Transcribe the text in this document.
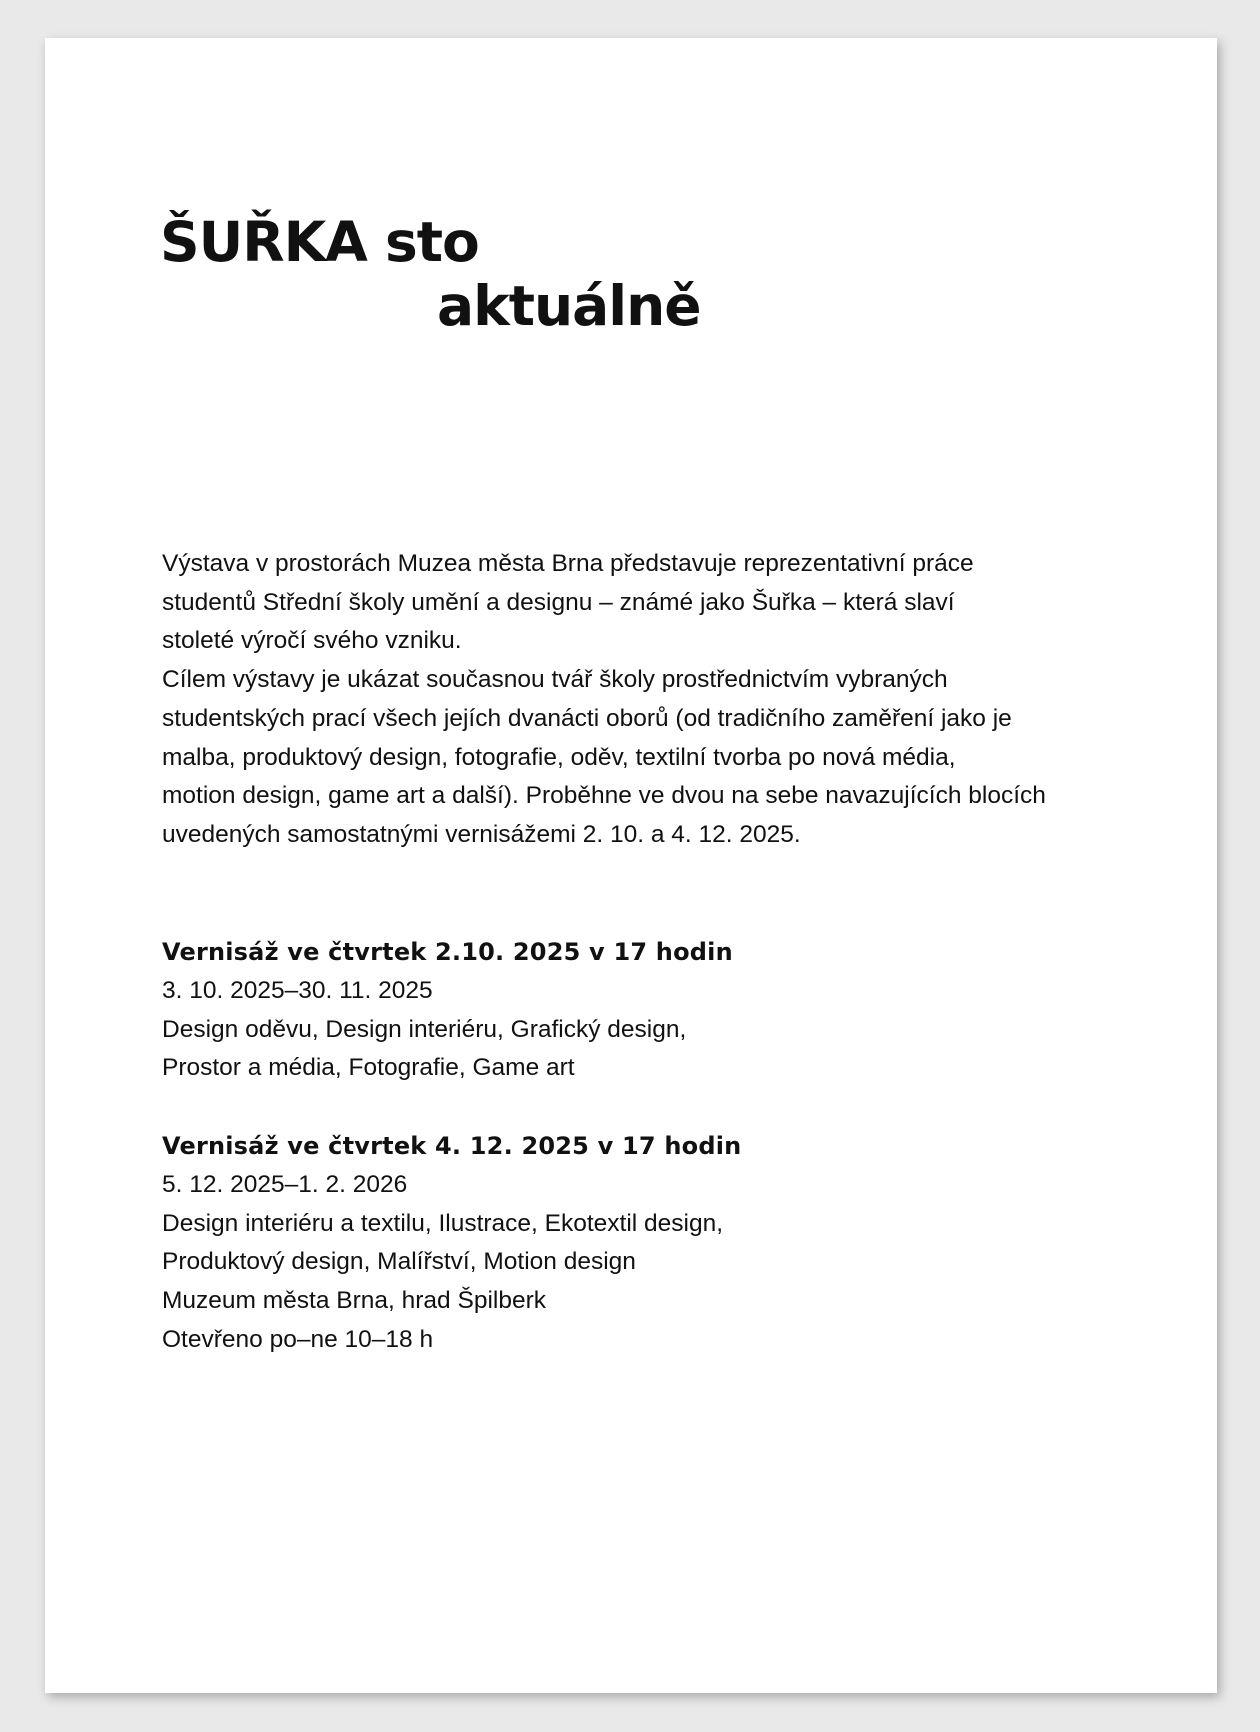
ŠUŘKA sto
aktuálně

Výstava v prostorách Muzea města Brna představuje reprezentativní práce
studentů Střední školy umění a designu – známé jako Šuřka – která slaví
stoleté výročí svého vzniku.
Cílem výstavy je ukázat současnou tvář školy prostřednictvím vybraných
studentských prací všech jejích dvanácti oborů (od tradičního zaměření jako je
malba, produktový design, fotografie, oděv, textilní tvorba po nová média,
motion design, game art a další). Proběhne ve dvou na sebe navazujících blocích
uvedených samostatnými vernisážemi 2. 10. a 4. 12. 2025.

Vernisáž ve čtvrtek 2.10. 2025 v 17 hodin
3. 10. 2025–30. 11. 2025
Design oděvu, Design interiéru, Grafický design,
Prostor a média, Fotografie, Game art
Vernisáž ve čtvrtek 4. 12. 2025 v 17 hodin
5. 12. 2025–1. 2. 2026
Design interiéru a textilu, Ilustrace, Ekotextil design,
Produktový design, Malířství, Motion design
Muzeum města Brna, hrad Špilberk
Otevřeno po–ne 10–18 h
